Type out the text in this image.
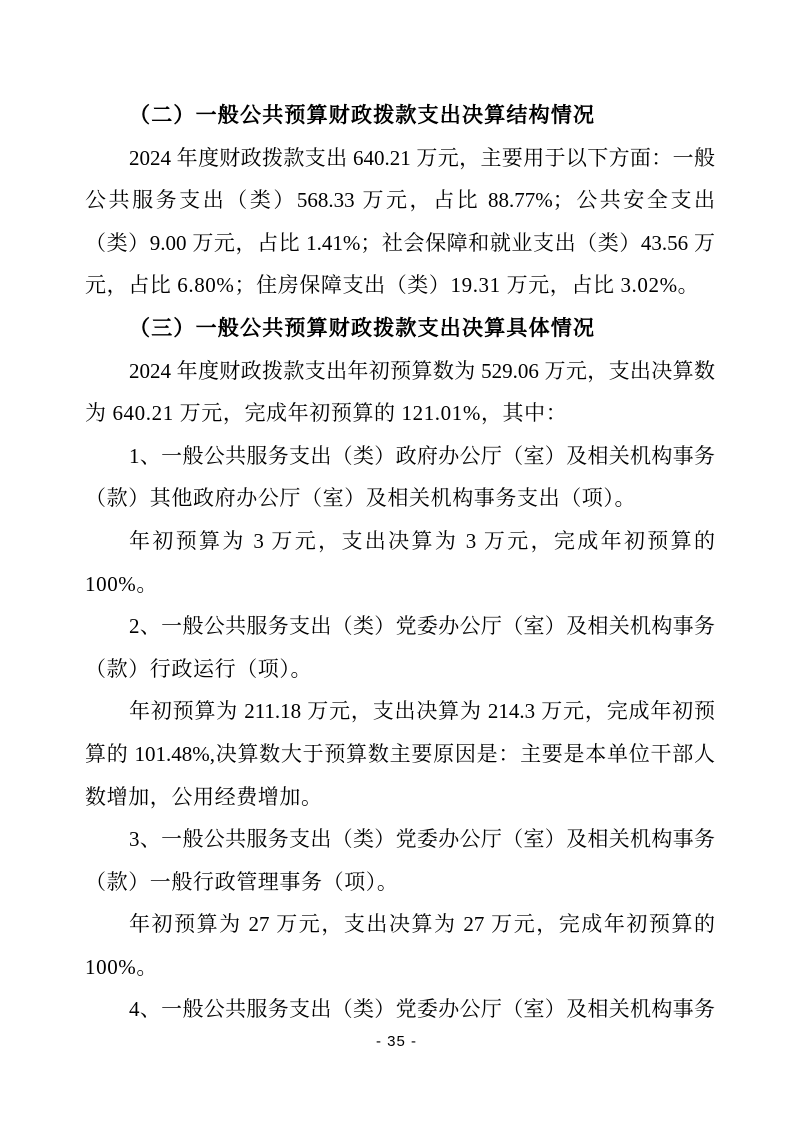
（二）一般公共预算财政拨款支出决算结构情况
2024 年度财政拨款支出 640.21 万元，主要用于以下方面：一般
公共服务支出（类）568.33 万元，占比 88.77%；公共安全支出
（类）9.00 万元，占比 1.41%；社会保障和就业支出（类）43.56 万
元，占比 6.80%；住房保障支出（类）19.31 万元，占比 3.02%。
（三）一般公共预算财政拨款支出决算具体情况
2024 年度财政拨款支出年初预算数为 529.06 万元，支出决算数
为 640.21 万元，完成年初预算的 121.01%，其中：
1、一般公共服务支出（类）政府办公厅（室）及相关机构事务
（款）其他政府办公厅（室）及相关机构事务支出（项）。
年初预算为 3 万元，支出决算为 3 万元，完成年初预算的
100%。
2、一般公共服务支出（类）党委办公厅（室）及相关机构事务
（款）行政运行（项）。
年初预算为 211.18 万元，支出决算为 214.3 万元，完成年初预
算的 101.48%,决算数大于预算数主要原因是：主要是本单位干部人
数增加，公用经费增加。
3、一般公共服务支出（类）党委办公厅（室）及相关机构事务
（款）一般行政管理事务（项）。
年初预算为 27 万元，支出决算为 27 万元，完成年初预算的
100%。
4、一般公共服务支出（类）党委办公厅（室）及相关机构事务
- 35 -
